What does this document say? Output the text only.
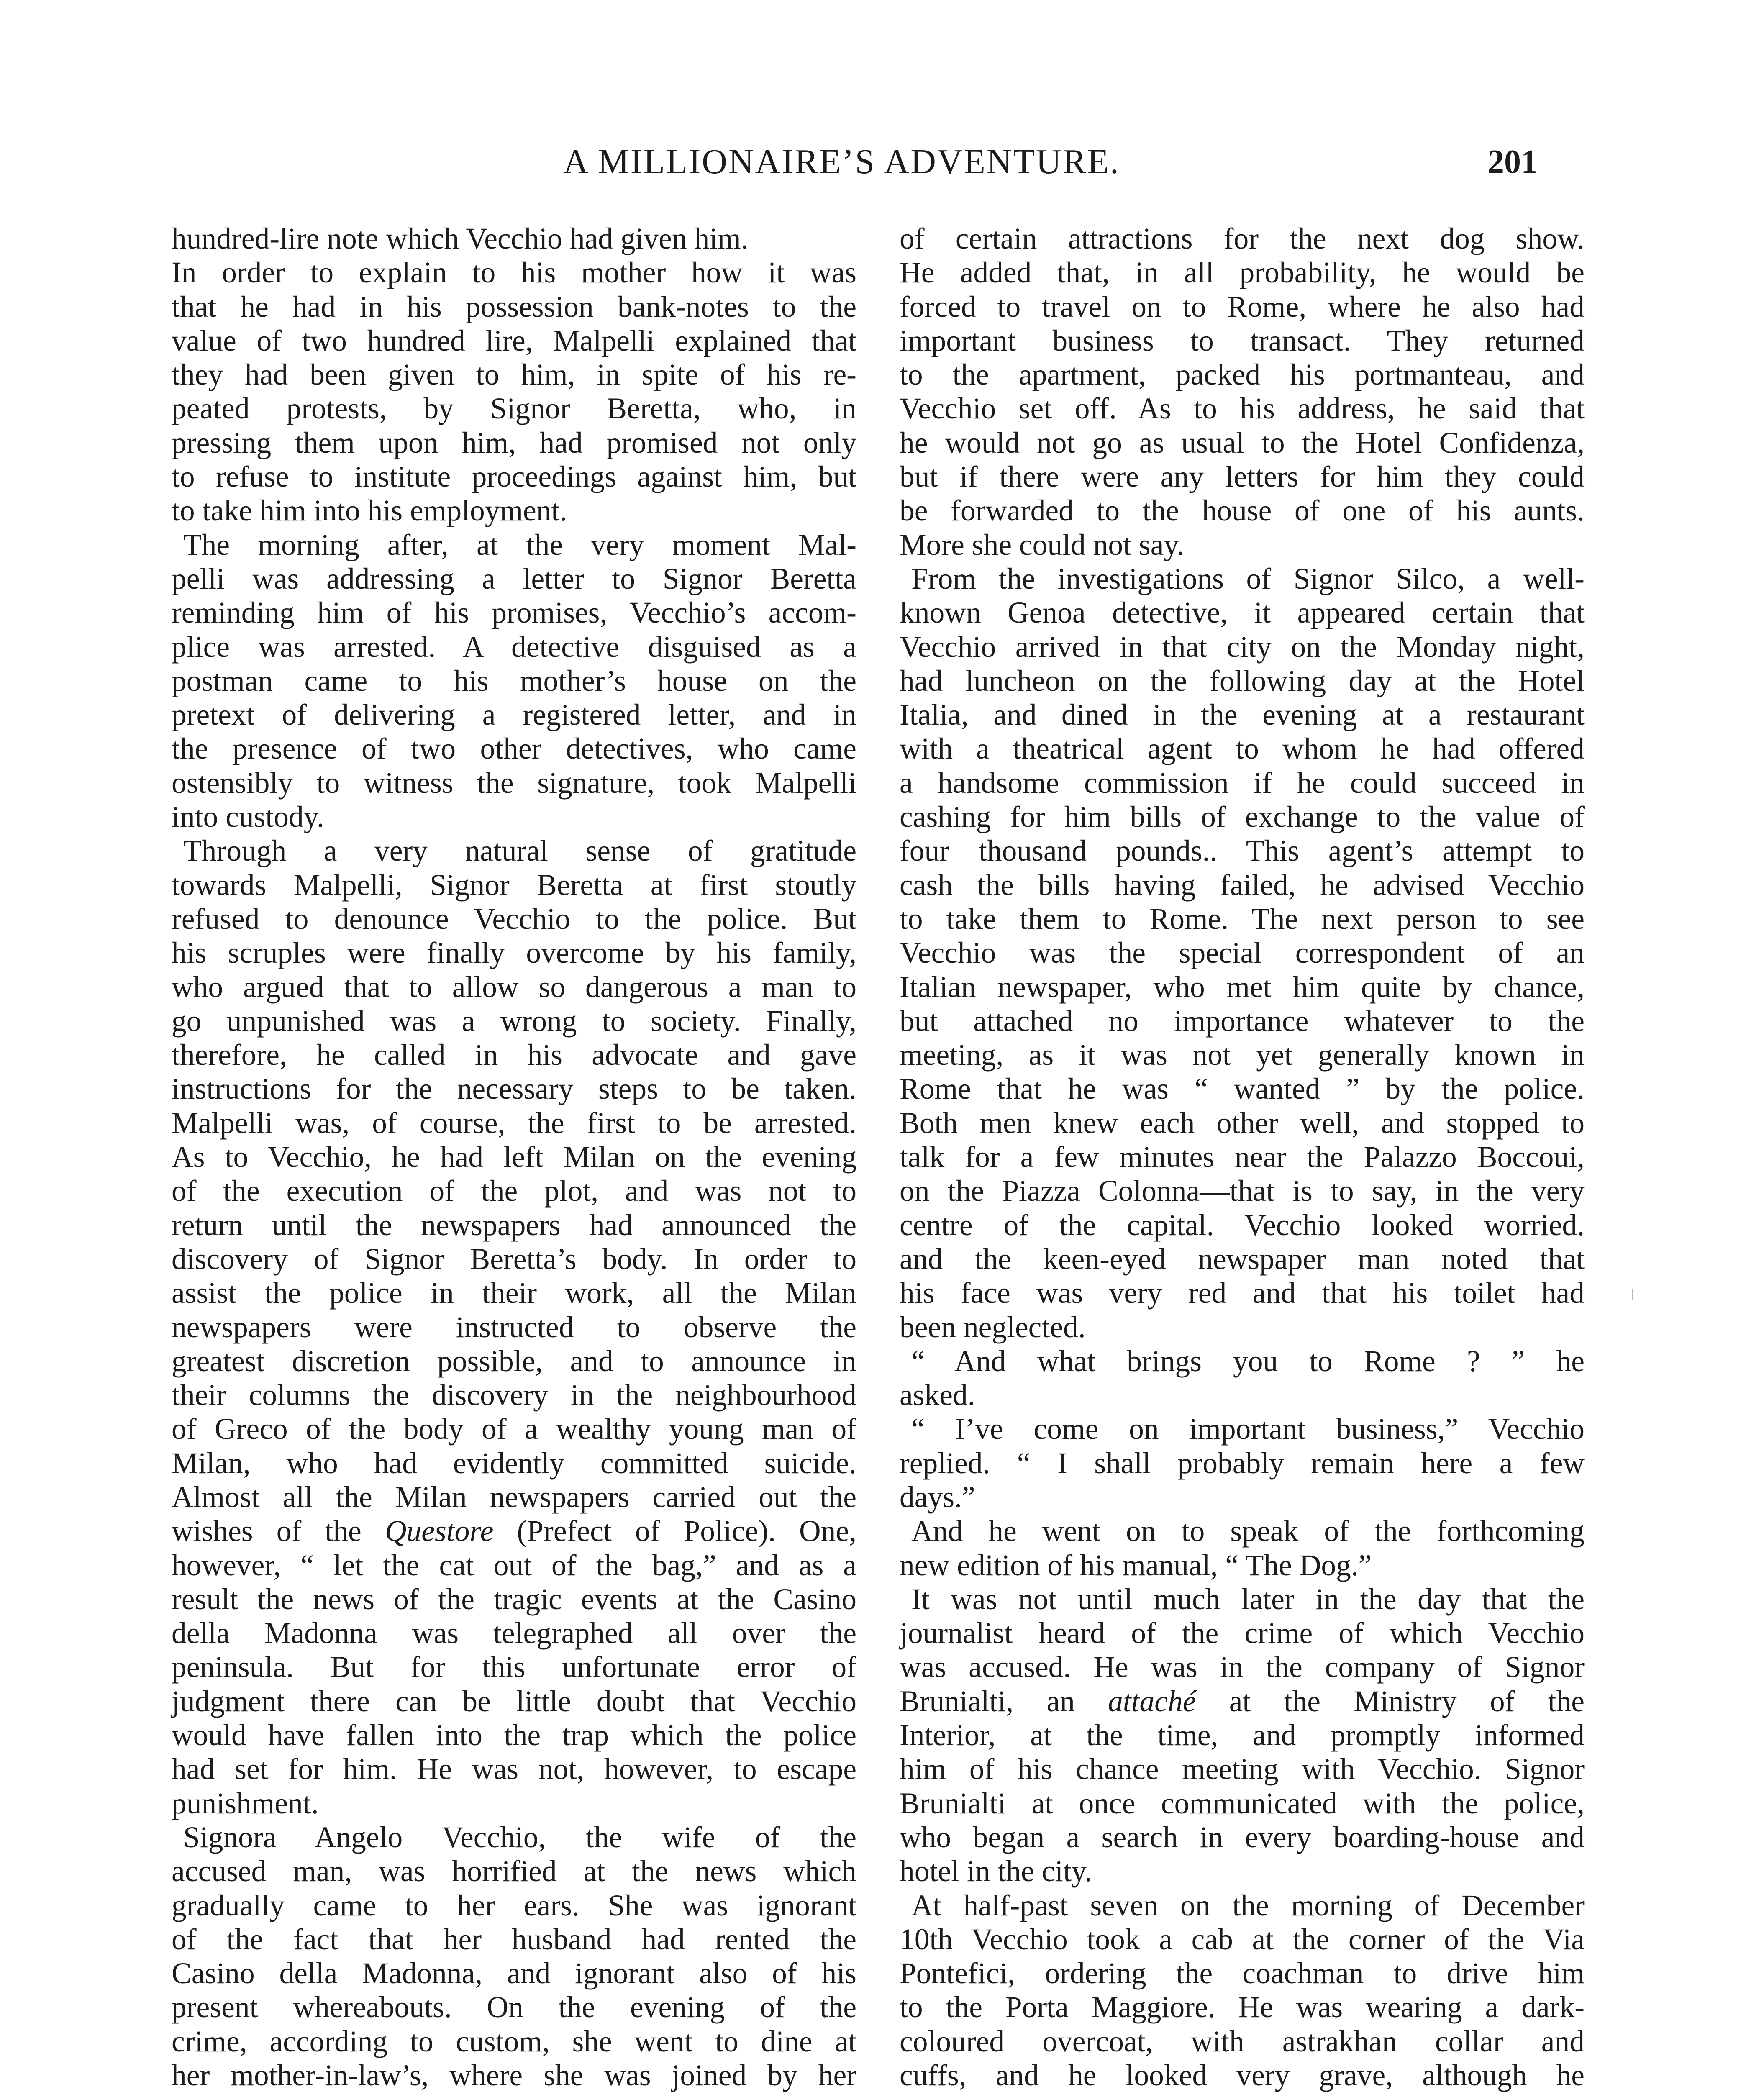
A MILLIONAIRE’S ADVENTURE.	201
hundred-lire note which Vecchio had given him.
In order to explain to his mother how it was
that he had in his possession bank-notes to the
value of two hundred lire, Malpelli explained that
they had been given to him, in spite of his re-
peated protests, by Signor Beretta, who, in
pressing them upon him, had promised not only
to refuse to institute proceedings against him, but
to take him into his employment.
The morning after, at the very moment Mal-
pelli was addressing a letter to Signor Beretta
reminding him of his promises, Vecchio’s accom-
plice was arrested. A detective disguised as a
postman came to his mother’s house on the
pretext of delivering a registered letter, and in
the presence of two other detectives, who came
ostensibly to witness the signature, took Malpelli
into custody.
Through a very natural sense of gratitude
towards Malpelli, Signor Beretta at first stoutly
refused to denounce Vecchio to the police. But
his scruples were finally overcome by his family,
who argued that to allow so dangerous a man to
go unpunished was a wrong to society. Finally,
therefore, he called in his advocate and gave
instructions for the necessary steps to be taken.
Malpelli was, of course, the first to be arrested.
As to Vecchio, he had left Milan on the evening
of the execution of the plot, and was not to
return until the newspapers had announced the
discovery of Signor Beretta’s body. In order to
assist the police in their work, all the Milan
newspapers were instructed to observe the
greatest discretion possible, and to announce in
their columns the discovery in the neighbourhood
of Greco of the body of a wealthy young man of
Milan, who had evidently committed suicide.
Almost all the Milan newspapers carried out the
wishes of the Questore (Prefect of Police). One,
however, “ let the cat out of the bag,” and as a
result the news of the tragic events at the Casino
della Madonna was telegraphed all over the
peninsula. But for this unfortunate error of
judgment there can be little doubt that Vecchio
would have fallen into the trap which the police
had set for him. He was not, however, to escape
punishment.
Signora Angelo Vecchio, the wife of the
accused man, was horrified at the news which
gradually came to her ears. She was ignorant
of the fact that her husband had rented the
Casino della Madonna, and ignorant also of his
present whereabouts. On the evening of the
crime, according to custom, she went to dine at
her mother-in-law’s, where she was joined by her
of certain attractions for the next dog show.
He added that, in all probability, he would be
forced to travel on to Rome, where he also had
important business to transact. They returned
to the apartment, packed his portmanteau, and
Vecchio set off. As to his address, he said that
he would not go as usual to the Hotel Confidenza,
but if there were any letters for him they could
be forwarded to the house of one of his aunts.
More she could not say.
From the investigations of Signor Silco, a well-
known Genoa detective, it appeared certain that
Vecchio arrived in that city on the Monday night,
had luncheon on the following day at the Hotel
Italia, and dined in the evening at a restaurant
with a theatrical agent to whom he had offered
a handsome commission if he could succeed in
cashing for him bills of exchange to the value of
four thousand pounds.. This agent’s attempt to
cash the bills having failed, he advised Vecchio
to take them to Rome. The next person to see
Vecchio was the special correspondent of an
Italian newspaper, who met him quite by chance,
but attached no importance whatever to the
meeting, as it was not yet generally known in
Rome that he was “ wanted ” by the police.
Both men knew each other well, and stopped to
talk for a few minutes near the Palazzo Boccoui,
on the Piazza Colonna—that is to say, in the very
centre of the capital. Vecchio looked worried.
and the keen-eyed newspaper man noted that
his face was very red and that his toilet had
been neglected.
“ And what brings you to Rome ? ” he
asked.
“ I’ve come on important business,” Vecchio
replied. “ I shall probably remain here a few
days.”
And he went on to speak of the forthcoming
new edition of his manual, “ The Dog.”
It was not until much later in the day that the
journalist heard of the crime of which Vecchio
was accused. He was in the company of Signor
Brunialti, an attaché at the Ministry of the
Interior, at the time, and promptly informed
him of his chance meeting with Vecchio. Signor
Brunialti at once communicated with the police,
who began a search in every boarding-house and
hotel in the city.
At half-past seven on the morning of December
10th Vecchio took a cab at the corner of the Via
Pontefici, ordering the coachman to drive him
to the Porta Maggiore. He was wearing a dark-
coloured overcoat, with astrakhan collar and
cuffs, and he looked very grave, although he
